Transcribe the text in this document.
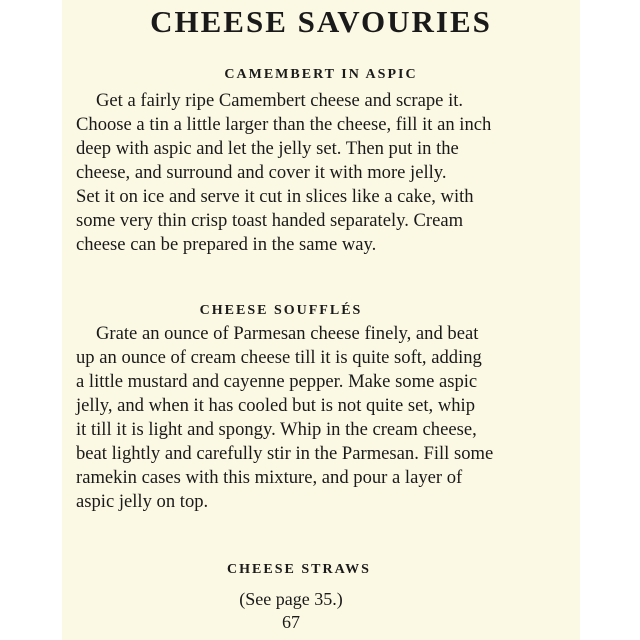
CHEESE SAVOURIES
CAMEMBERT IN ASPIC
Get a fairly ripe Camembert cheese and scrape it.
Choose a tin a little larger than the cheese, fill it an inch
deep with aspic and let the jelly set. Then put in the
cheese, and surround and cover it with more jelly.
Set it on ice and serve it cut in slices like a cake, with
some very thin crisp toast handed separately. Cream
cheese can be prepared in the same way.
CHEESE SOUFFLÉS
Grate an ounce of Parmesan cheese finely, and beat
up an ounce of cream cheese till it is quite soft, adding
a little mustard and cayenne pepper. Make some aspic
jelly, and when it has cooled but is not quite set, whip
it till it is light and spongy. Whip in the cream cheese,
beat lightly and carefully stir in the Parmesan. Fill some
ramekin cases with this mixture, and pour a layer of
aspic jelly on top.
CHEESE STRAWS

(See page 35.)

67
